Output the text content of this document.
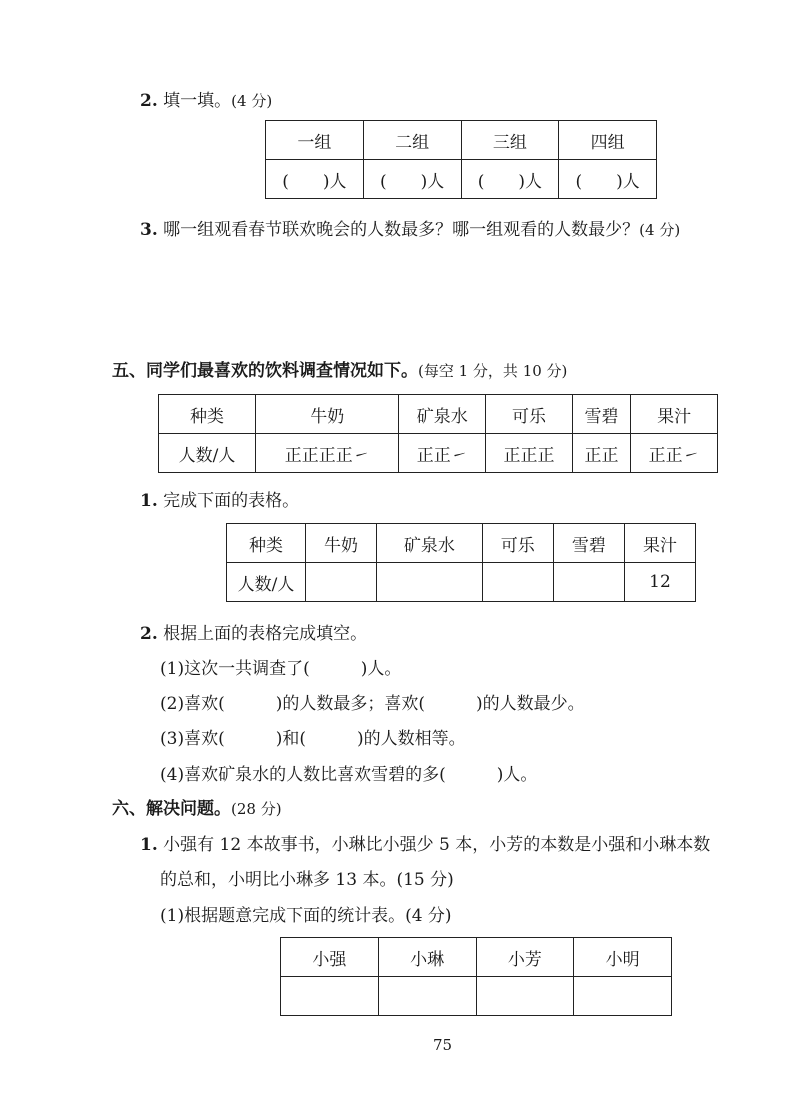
2. 填一填。(4 分)
一组	二组	三组	四组
(　　)人	(　　)人	(　　)人	(　　)人
3. 哪一组观看春节联欢晚会的人数最多？哪一组观看的人数最少？(4 分)
五、同学们最喜欢的饮料调查情况如下。(每空 1 分，共 10 分)
种类	牛奶	矿泉水	可乐	雪碧	果汁
人数/人	正正正正㇀	正正㇀	正正正	正正	正正㇀
1. 完成下面的表格。
种类	牛奶	矿泉水	可乐	雪碧	果汁
人数/人					12
2. 根据上面的表格完成填空。
(1)这次一共调查了(　　　)人。
(2)喜欢(　　　)的人数最多；喜欢(　　　)的人数最少。
(3)喜欢(　　　)和(　　　)的人数相等。
(4)喜欢矿泉水的人数比喜欢雪碧的多(　　　)人。
六、解决问题。(28 分)
1. 小强有 12 本故事书，小琳比小强少 5 本，小芳的本数是小强和小琳本数
的总和，小明比小琳多 13 本。(15 分)
(1)根据题意完成下面的统计表。(4 分)
小强	小琳	小芳	小明

75
